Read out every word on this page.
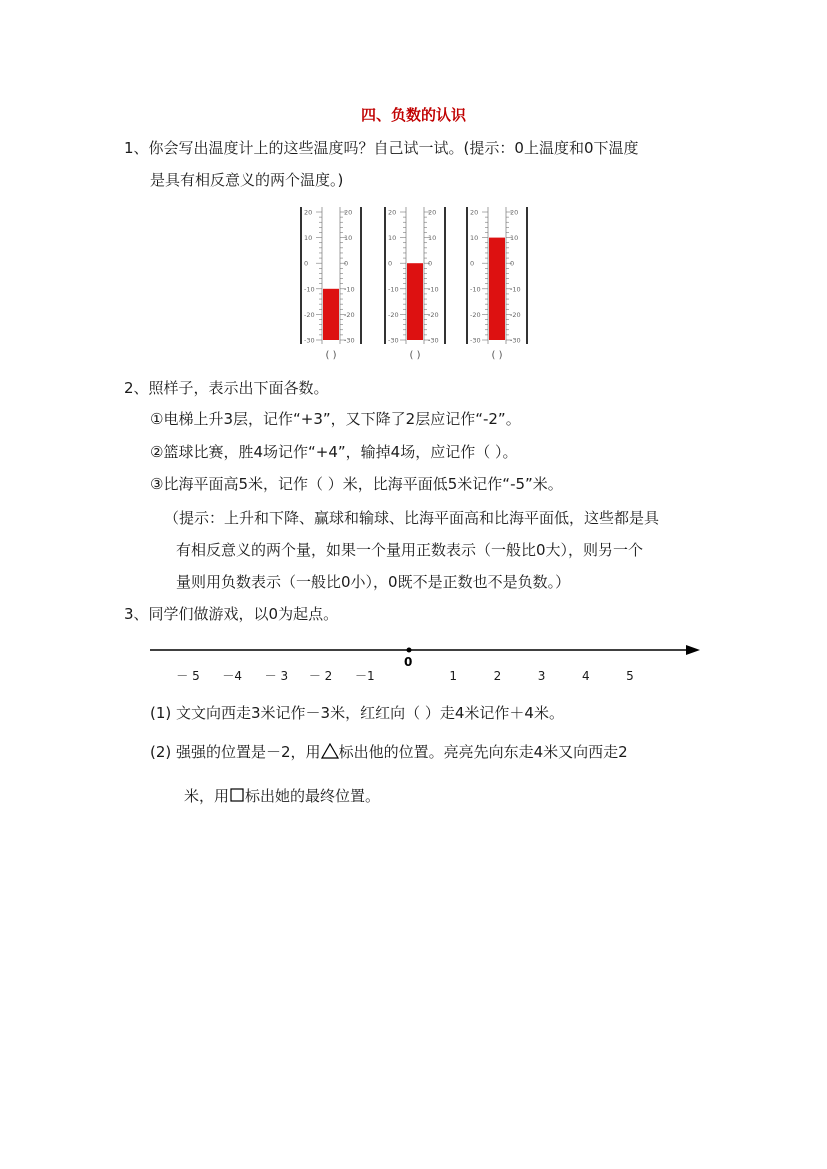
四、负数的认识
1、你会写出温度计上的这些温度吗？自己试一试。(提示：0上温度和0下温度
是具有相反意义的两个温度。)
20	20
10	10
0	0
-10	-10
-20	-20
-30	-30
( )
20	20
10	10
0	0
-10	-10
-20	-20
-30	-30
( )
20	20
10	10
0	0
-10	-10
-20	-20
-30	-30
( )
2、照样子，表示出下面各数。
①电梯上升3层，记作“+3”，又下降了2层应记作“-2”。
②篮球比赛，胜4场记作“+4”，输掉4场，应记作（ ）。
③比海平面高5米，记作（ ）米，比海平面低5米记作“-5”米。
（提示：上升和下降、赢球和输球、比海平面高和比海平面低，这些都是具
有相反意义的两个量，如果一个量用正数表示（一般比0大），则另一个
量则用负数表示（一般比0小），0既不是正数也不是负数。）
3、同学们做游戏，以0为起点。
0
－ 5 －4 － 3 － 2 －1	1	2	3	4	5
(1) 文文向西走3米记作－3米，红红向（ ）走4米记作＋4米。
(2) 强强的位置是－2，用 标出他的位置。亮亮先向东走4米又向西走2
米，用 标出她的最终位置。
